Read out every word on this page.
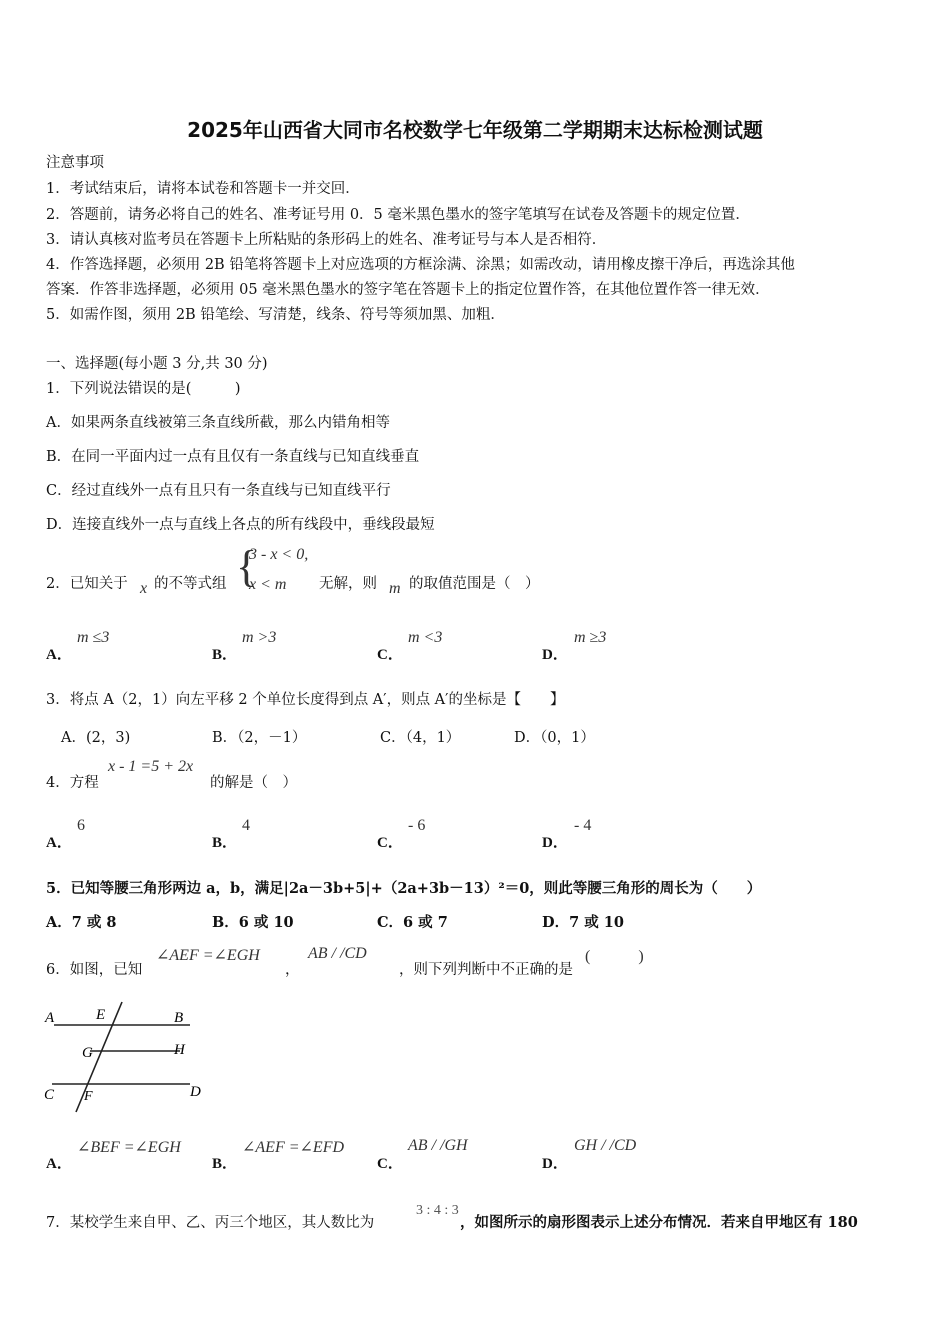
2025年山西省大同市名校数学七年级第二学期期末达标检测试题
注意事项
1．考试结束后，请将本试卷和答题卡一并交回．
2．答题前，请务必将自己的姓名、准考证号用 0．5 毫米黑色墨水的签字笔填写在试卷及答题卡的规定位置．
3．请认真核对监考员在答题卡上所粘贴的条形码上的姓名、准考证号与本人是否相符．
4．作答选择题，必须用 2B 铅笔将答题卡上对应选项的方框涂满、涂黑；如需改动，请用橡皮擦干净后，再选涂其他
答案．作答非选择题，必须用 05 毫米黑色墨水的签字笔在答题卡上的指定位置作答，在其他位置作答一律无效．
5．如需作图，须用 2B 铅笔绘、写清楚，线条、符号等须加黑、加粗．
一、选择题(每小题 3 分,共 30 分)
1．下列说法错误的是(　　　)
A．如果两条直线被第三条直线所截，那么内错角相等
B．在同一平面内过一点有且仅有一条直线与已知直线垂直
C．经过直线外一点有且只有一条直线与已知直线平行
D．连接直线外一点与直线上各点的所有线段中，垂线段最短
2．已知关于 x 的不等式组 {
3 - x < 0,
x < m 无解，则 m 的取值范围是（　）
A．
m ≤3
B．
m >3
C．
m <3
D．
m ≥3
3．将点 A（2，1）向左平移 2 个单位长度得到点 A′，则点 A′的坐标是【　　】
A．(2，3)	B．（2，－1）	C．（4，1）	D．（0，1）
4．方程
x - 1 =5 + 2x
的解是（　）
A．
6
B．
4
C．
- 6
D．
- 4
5．已知等腰三角形两边 a，b，满足|2a－3b+5|+（2a+3b－13）²＝0，则此等腰三角形的周长为（　　）
A．7 或 8	B．6 或 10	C．6 或 7	D．7 或 10
6．如图，已知
∠AEF =∠EGH
，
AB / /CD
，则下列判断中不正确的是
(　　　)
A	E	B
G	H
C F	D
A．
∠BEF =∠EGH
B．
∠AEF =∠EFD
C．
AB / /GH
D．
GH / /CD
7．某校学生来自甲、乙、丙三个地区，其人数比为
3 : 4 : 3
，如图所示的扇形图表示上述分布情况．若来自甲地区有 180
